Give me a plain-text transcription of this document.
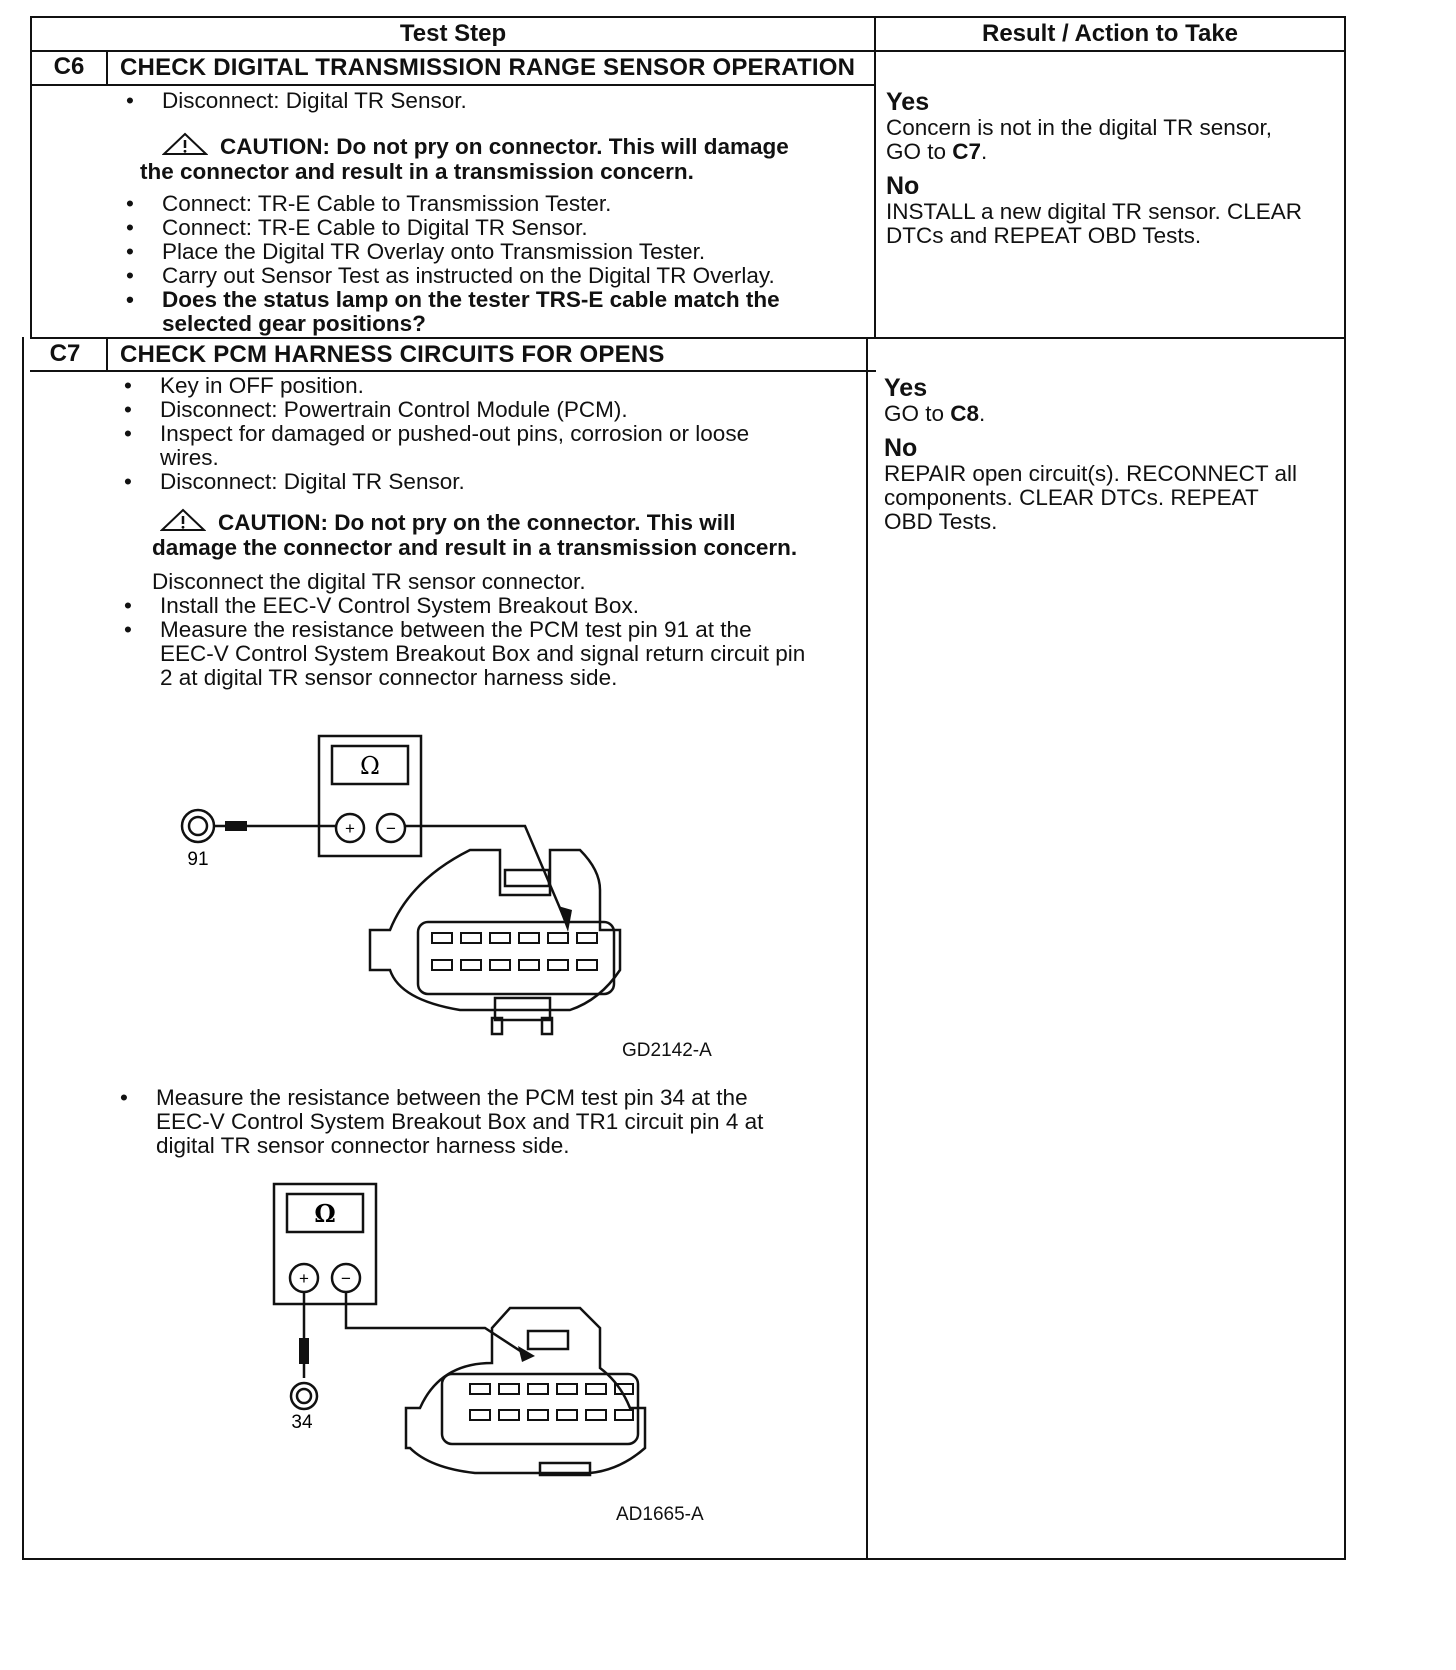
Test Step	Result / Action to Take
C6	CHECK DIGITAL TRANSMISSION RANGE SENSOR OPERATION
• Disconnect: Digital TR Sensor.
CAUTION: Do not pry on connector. This will damage
the connector and result in a transmission concern.
• Connect: TR-E Cable to Transmission Tester.
• Connect: TR-E Cable to Digital TR Sensor.
• Place the Digital TR Overlay onto Transmission Tester.
• Carry out Sensor Test as instructed on the Digital TR Overlay.
• Does the status lamp on the tester TRS-E cable match the
selected gear positions?
Yes
Concern is not in the digital TR sensor,
GO to C7.
No
INSTALL a new digital TR sensor. CLEAR
DTCs and REPEAT OBD Tests.
C7	CHECK PCM HARNESS CIRCUITS FOR OPENS
• Key in OFF position.
• Disconnect: Powertrain Control Module (PCM).
• Inspect for damaged or pushed-out pins, corrosion or loose
wires.
• Disconnect: Digital TR Sensor.
CAUTION: Do not pry on the connector. This will
damage the connector and result in a transmission concern.
Disconnect the digital TR sensor connector.
• Install the EEC-V Control System Breakout Box.
• Measure the resistance between the PCM test pin 91 at the
EEC-V Control System Breakout Box and signal return circuit pin
2 at digital TR sensor connector harness side.
Ω
+ −
91
GD2142-A
• Measure the resistance between the PCM test pin 34 at the
EEC-V Control System Breakout Box and TR1 circuit pin 4 at
digital TR sensor connector harness side.
Ω
+ −
34
AD1665-A
Yes
GO to C8.
No
REPAIR open circuit(s). RECONNECT all
components. CLEAR DTCs. REPEAT
OBD Tests.
